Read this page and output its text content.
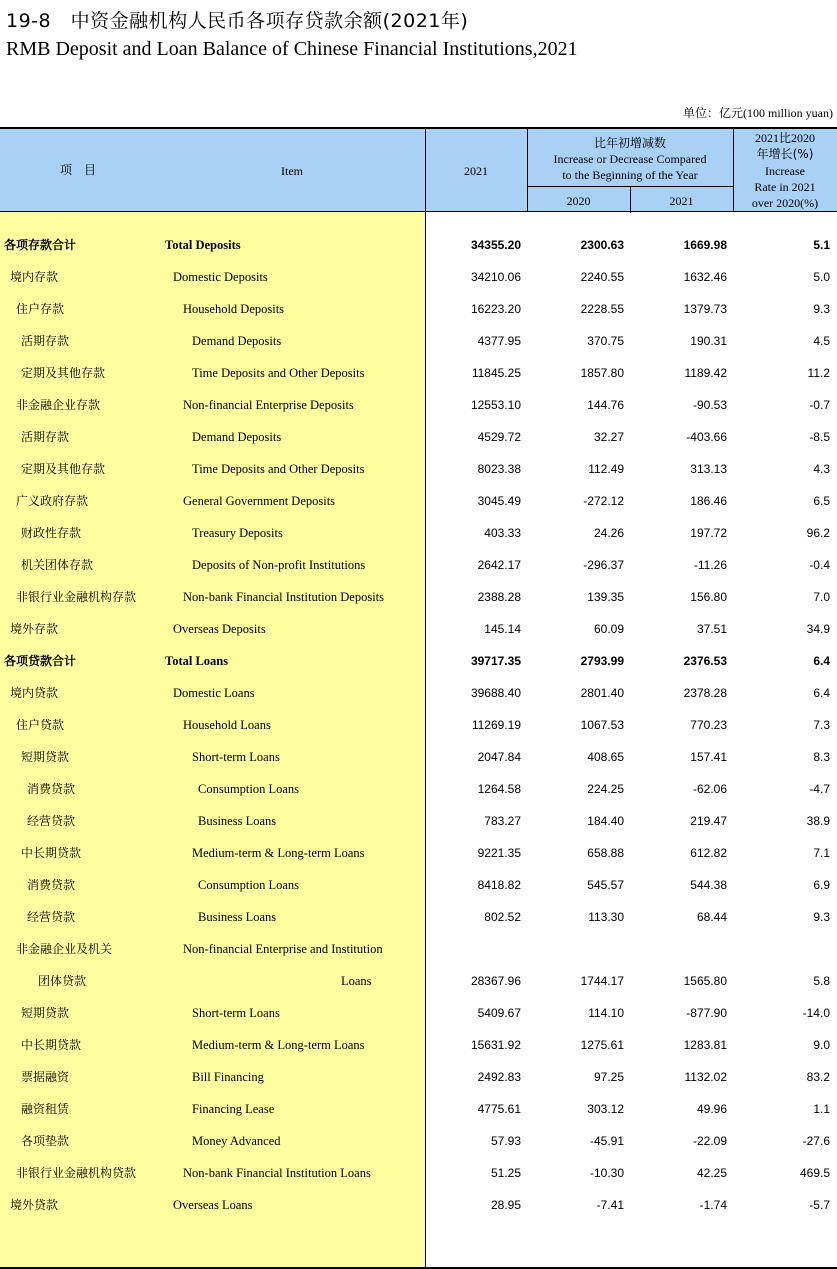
19-8　中资金融机构人民币各项存贷款余额(2021年)
RMB Deposit and Loan Balance of Chinese Financial Institutions,2021
单位：亿元(100 million yuan)
项　目	Item	2021
比年初增减数
Increase or Decrease Compared
to the Beginning of the Year
2020	2021
2021比2020
年增长(%)
Increase
Rate in 2021
over 2020(%)
各项存款合计	Total Deposits	34355.20	2300.63	1669.98	5.1
境内存款	Domestic Deposits	34210.06	2240.55	1632.46	5.0
住户存款	Household Deposits	16223.20	2228.55	1379.73	9.3
活期存款	Demand Deposits	4377.95	370.75	190.31	4.5
定期及其他存款	Time Deposits and Other Deposits	11845.25	1857.80	1189.42	11.2
非金融企业存款	Non-financial Enterprise Deposits	12553.10	144.76	-90.53	-0.7
活期存款	Demand Deposits	4529.72	32.27	-403.66	-8.5
定期及其他存款	Time Deposits and Other Deposits	8023.38	112.49	313.13	4.3
广义政府存款	General Government Deposits	3045.49	-272.12	186.46	6.5
财政性存款	Treasury Deposits	403.33	24.26	197.72	96.2
机关团体存款	Deposits of Non-profit Institutions	2642.17	-296.37	-11.26	-0.4
非银行业金融机构存款	Non-bank Financial Institution Deposits	2388.28	139.35	156.80	7.0
境外存款	Overseas Deposits	145.14	60.09	37.51	34.9
各项贷款合计	Total Loans	39717.35	2793.99	2376.53	6.4
境内贷款	Domestic Loans	39688.40	2801.40	2378.28	6.4
住户贷款	Household Loans	11269.19	1067.53	770.23	7.3
短期贷款	Short-term Loans	2047.84	408.65	157.41	8.3
消费贷款	Consumption Loans	1264.58	224.25	-62.06	-4.7
经营贷款	Business Loans	783.27	184.40	219.47	38.9
中长期贷款	Medium-term & Long-term Loans	9221.35	658.88	612.82	7.1
消费贷款	Consumption Loans	8418.82	545.57	544.38	6.9
经营贷款	Business Loans	802.52	113.30	68.44	9.3
非金融企业及机关	Non-financial Enterprise and Institution
团体贷款	Loans	28367.96	1744.17	1565.80	5.8
短期贷款	Short-term Loans	5409.67	114.10	-877.90	-14.0
中长期贷款	Medium-term & Long-term Loans	15631.92	1275.61	1283.81	9.0
票据融资	Bill Financing	2492.83	97.25	1132.02	83.2
融资租赁	Financing Lease	4775.61	303.12	49.96	1.1
各项垫款	Money Advanced	57.93	-45.91	-22.09	-27.6
非银行业金融机构贷款	Non-bank Financial Institution Loans	51.25	-10.30	42.25	469.5
境外贷款	Overseas Loans	28.95	-7.41	-1.74	-5.7
